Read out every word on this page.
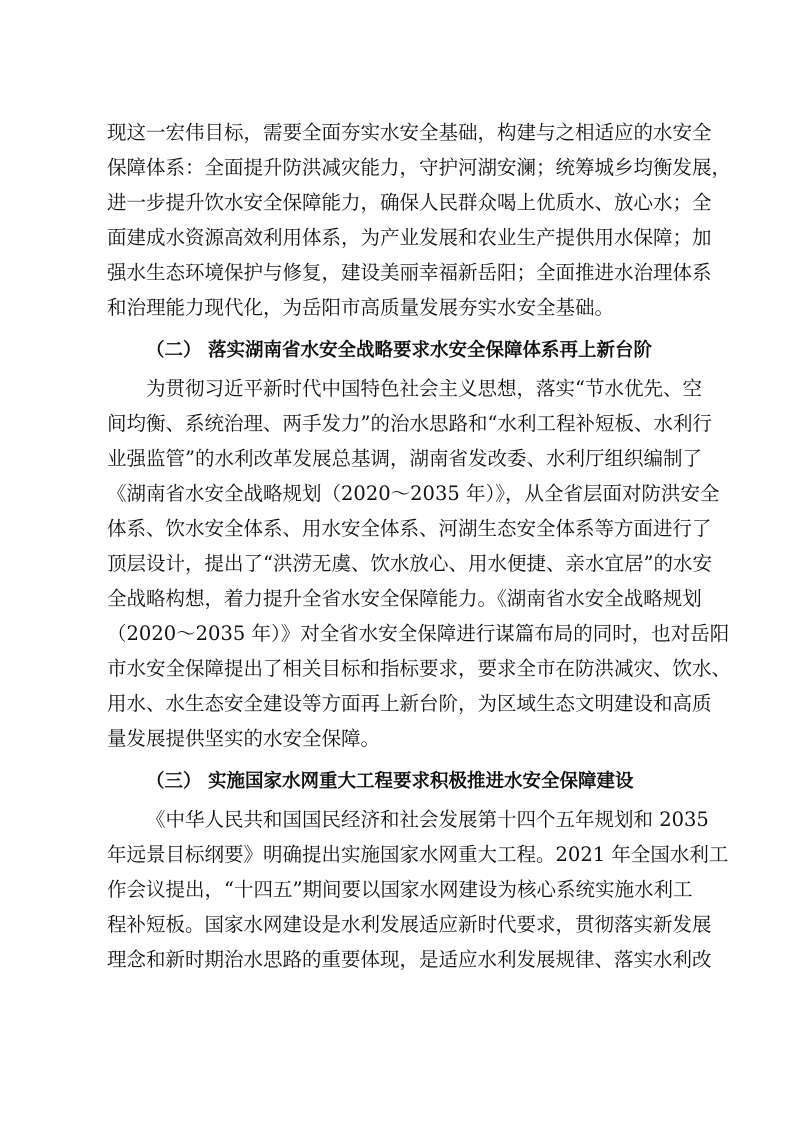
现这一宏伟目标，需要全面夯实水安全基础，构建与之相适应的水安全
保障体系：全面提升防洪减灾能力，守护河湖安澜；统筹城乡均衡发展，
进一步提升饮水安全保障能力，确保人民群众喝上优质水、放心水；全
面建成水资源高效利用体系，为产业发展和农业生产提供用水保障；加
强水生态环境保护与修复，建设美丽幸福新岳阳；全面推进水治理体系
和治理能力现代化，为岳阳市高质量发展夯实水安全基础。
（二） 落实湖南省水安全战略要求水安全保障体系再上新台阶
为贯彻习近平新时代中国特色社会主义思想，落实“节水优先、空
间均衡、系统治理、两手发力”的治水思路和“水利工程补短板、水利行
业强监管”的水利改革发展总基调，湖南省发改委、水利厅组织编制了
《湖南省水安全战略规划（2020～2035 年）》，从全省层面对防洪安全
体系、饮水安全体系、用水安全体系、河湖生态安全体系等方面进行了
顶层设计，提出了“洪涝无虞、饮水放心、用水便捷、亲水宜居”的水安
全战略构想，着力提升全省水安全保障能力。《湖南省水安全战略规划
（2020～2035 年）》对全省水安全保障进行谋篇布局的同时，也对岳阳
市水安全保障提出了相关目标和指标要求，要求全市在防洪减灾、饮水、
用水、水生态安全建设等方面再上新台阶，为区域生态文明建设和高质
量发展提供坚实的水安全保障。
（三） 实施国家水网重大工程要求积极推进水安全保障建设
《中华人民共和国国民经济和社会发展第十四个五年规划和 2035
年远景目标纲要》明确提出实施国家水网重大工程。2021 年全国水利工
作会议提出，“十四五”期间要以国家水网建设为核心系统实施水利工
程补短板。国家水网建设是水利发展适应新时代要求，贯彻落实新发展
理念和新时期治水思路的重要体现，是适应水利发展规律、落实水利改
